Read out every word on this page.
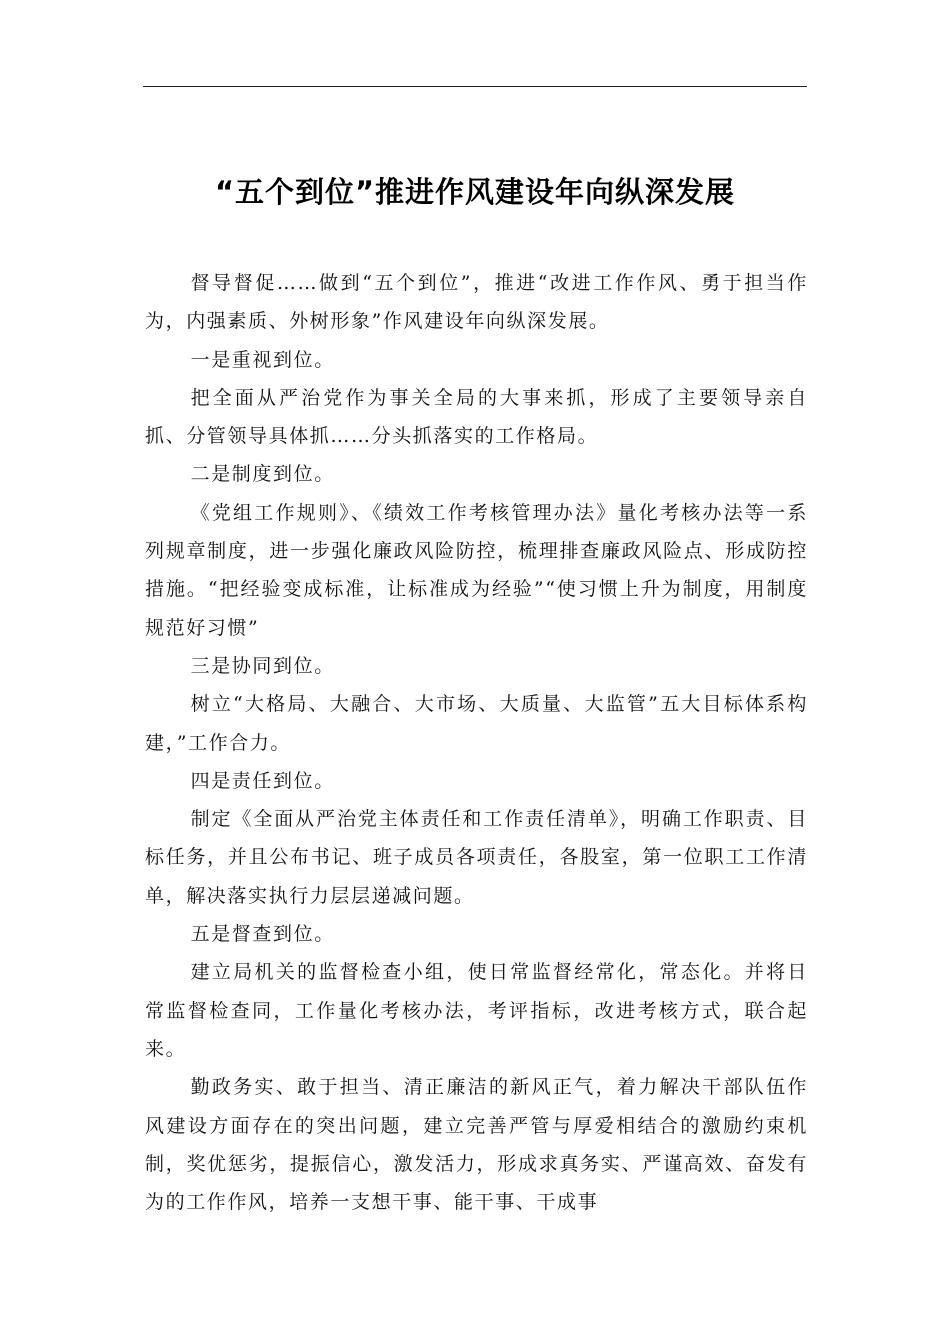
“五个到位”推进作风建设年向纵深发展

督导督促……做到“五个到位”，推进“改进工作作风、勇于担当作为，内强素质、外树形象”作风建设年向纵深发展。

一是重视到位。

把全面从严治党作为事关全局的大事来抓，形成了主要领导亲自抓、分管领导具体抓……分头抓落实的工作格局。

二是制度到位。

《党组工作规则》、《绩效工作考核管理办法》量化考核办法等一系列规章制度，进一步强化廉政风险防控，梳理排查廉政风险点、形成防控措施。“把经验变成标准，让标准成为经验”“使习惯上升为制度，用制度规范好习惯”

三是协同到位。

树立“大格局、大融合、大市场、大质量、大监管”五大目标体系构建，”工作合力。

四是责任到位。

制定《全面从严治党主体责任和工作责任清单》，明确工作职责、目标任务，并且公布书记、班子成员各项责任，各股室，第一位职工工作清单，解决落实执行力层层递减问题。

五是督查到位。

建立局机关的监督检查小组，使日常监督经常化，常态化。并将日常监督检查同，工作量化考核办法，考评指标，改进考核方式，联合起来。

勤政务实、敢于担当、清正廉洁的新风正气，着力解决干部队伍作风建设方面存在的突出问题，建立完善严管与厚爱相结合的激励约束机制，奖优惩劣，提振信心，激发活力，形成求真务实、严谨高效、奋发有为的工作作风，培养一支想干事、能干事、干成事
